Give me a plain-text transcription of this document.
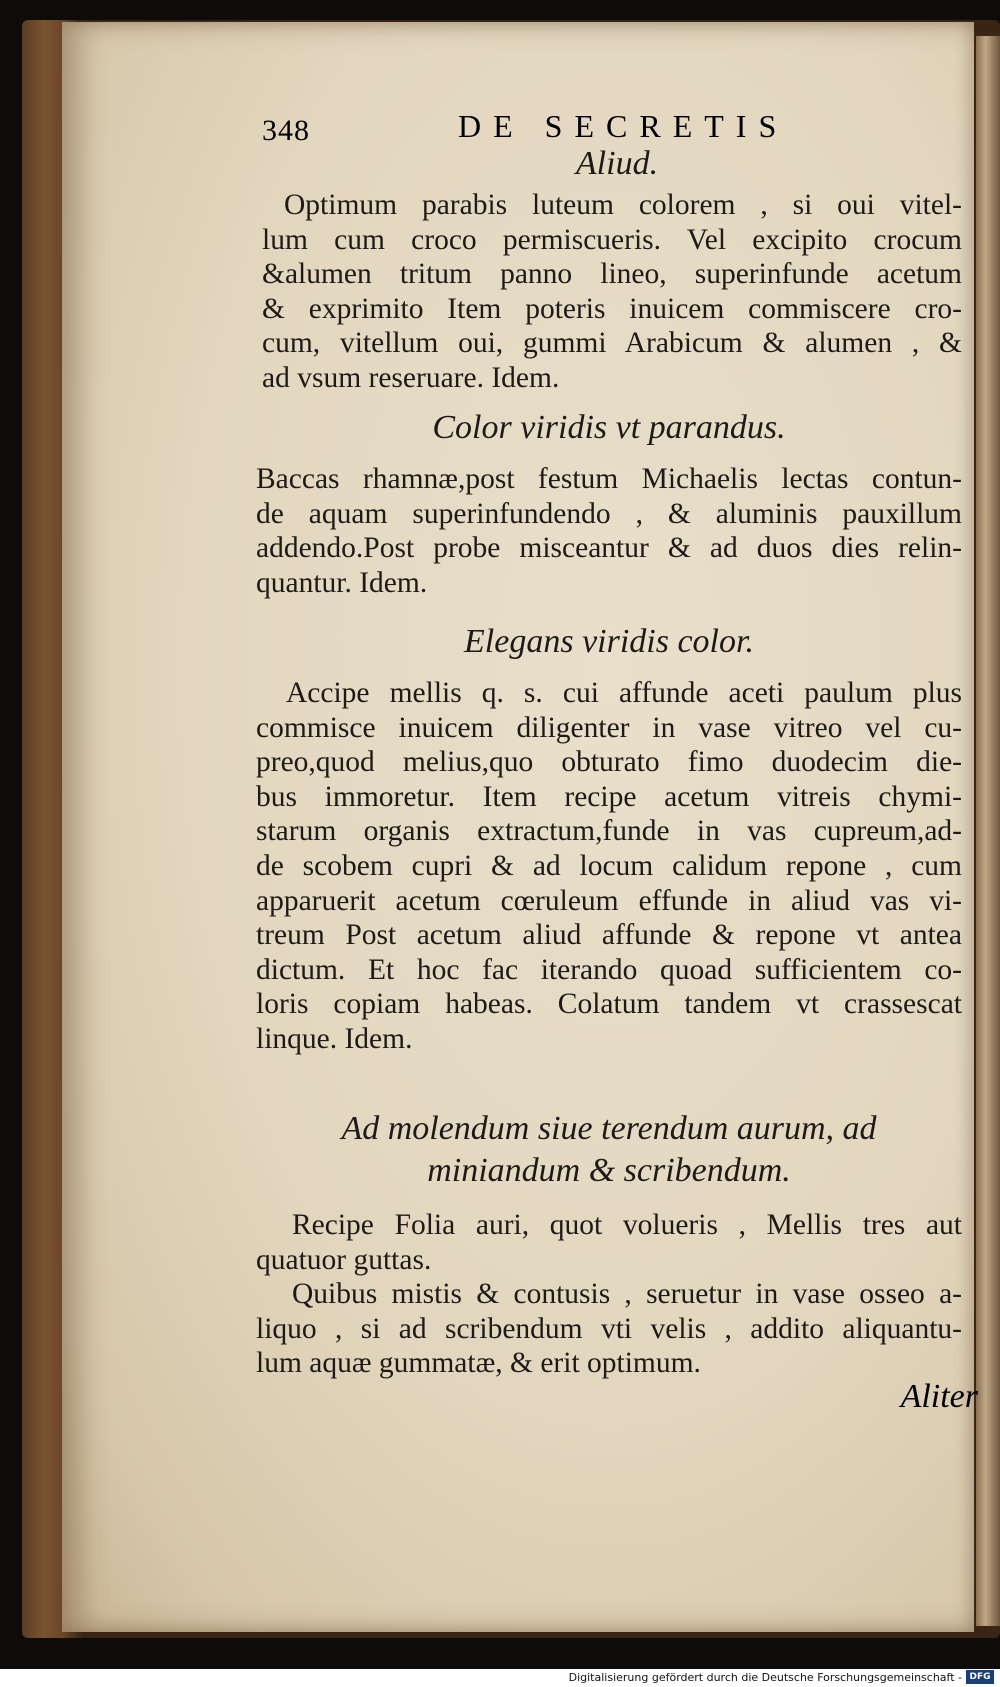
348	DE SECRETIS
Aliud.
Optimum parabis luteum colorem , si oui vitel-
lum cum croco permiscueris. Vel excipito crocum
&alumen tritum panno lineo, superinfunde acetum
& exprimito Item poteris inuicem commiscere cro-
cum, vitellum oui, gummi Arabicum & alumen , &
ad vsum reseruare. Idem.
Color viridis vt parandus.
Baccas rhamnæ,post festum Michaelis lectas contun-
de aquam superinfundendo , & aluminis pauxillum
addendo.Post probe misceantur & ad duos dies relin-
quantur. Idem.
Elegans viridis color.
Accipe mellis q. s. cui affunde aceti paulum plus
commisce inuicem diligenter in vase vitreo vel cu-
preo,quod melius,quo obturato fimo duodecim die-
bus immoretur. Item recipe acetum vitreis chymi-
starum organis extractum,funde in vas cupreum,ad-
de scobem cupri & ad locum calidum repone , cum
apparuerit acetum cœruleum effunde in aliud vas vi-
treum Post acetum aliud affunde & repone vt antea
dictum. Et hoc fac iterando quoad sufficientem co-
loris copiam habeas. Colatum tandem vt crassescat
linque. Idem.
Ad molendum siue terendum aurum, ad
miniandum & scribendum.
Recipe Folia auri, quot volueris , Mellis tres aut
quatuor guttas.
Quibus mistis & contusis , seruetur in vase osseo a-
liquo , si ad scribendum vti velis , addito aliquantu-
lum aquæ gummatæ, & erit optimum.
Aliter
Digitalisierung gefördert durch die Deutsche Forschungsgemeinschaft - DFG
